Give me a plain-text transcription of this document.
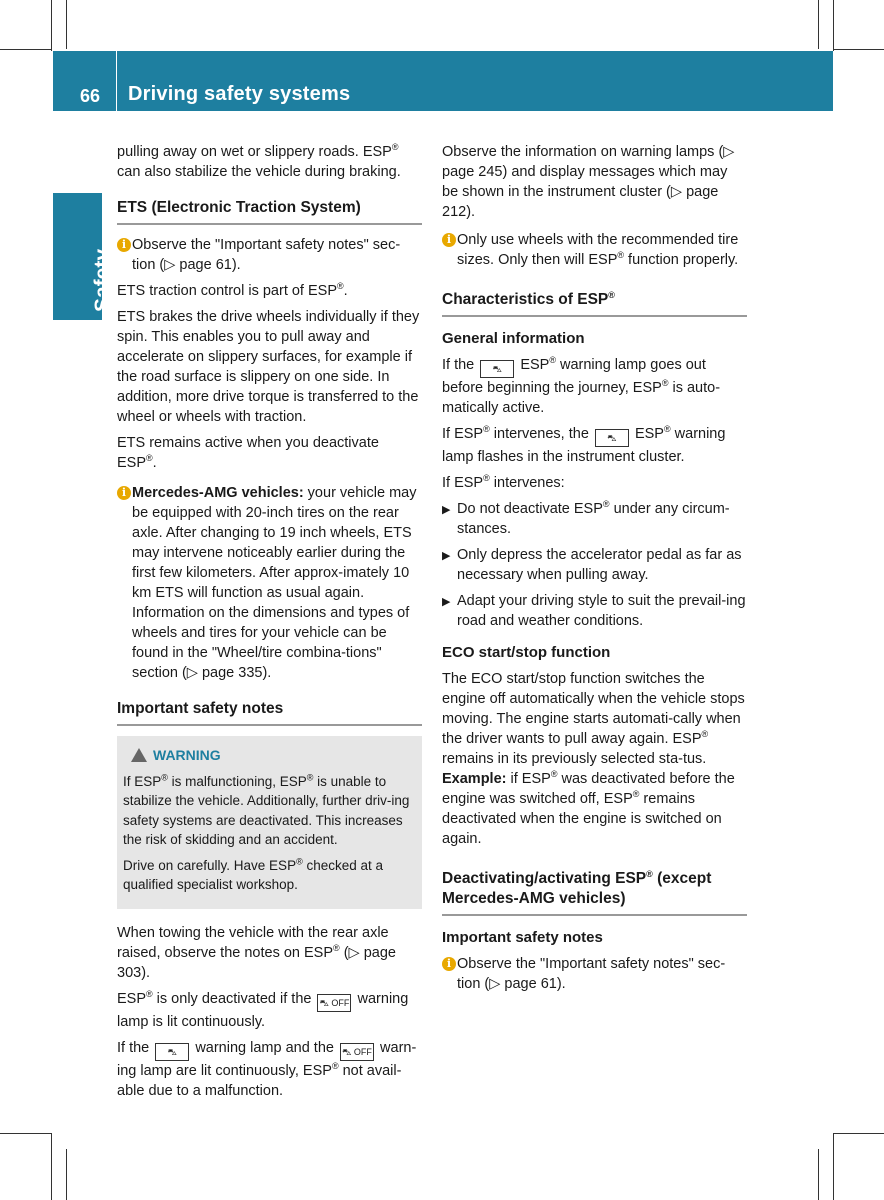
66 Driving safety systems
Safety

pulling away on wet or slippery roads. ESP® can also stabilize the vehicle during braking.

ETS (Electronic Traction System)
i Observe the "Important safety notes" sec-tion (▷ page 61).

ETS traction control is part of ESP®.

ETS brakes the drive wheels individually if they spin. This enables you to pull away and accelerate on slippery surfaces, for example if the road surface is slippery on one side. In addition, more drive torque is transferred to the wheel or wheels with traction.

ETS remains active when you deactivate ESP®.

i Mercedes-AMG vehicles: your vehicle may be equipped with 20-inch tires on the rear axle. After changing to 19 inch wheels, ETS may intervene noticeably earlier during the first few kilometers. After approx-imately 10 km ETS will function as usual again. Information on the dimensions and types of wheels and tires for your vehicle can be found in the "Wheel/tire combina-tions" section (▷ page 335).
Important safety notes
WARNING

If ESP® is malfunctioning, ESP® is unable to stabilize the vehicle. Additionally, further driv-ing safety systems are deactivated. This increases the risk of skidding and an accident.

Drive on carefully. Have ESP® checked at a qualified specialist workshop.

When towing the vehicle with the rear axle raised, observe the notes on ESP® (▷ page 303).

ESP® is only deactivated if the ⛍ OFF warning lamp is lit continuously.

If the ⛍ warning lamp and the ⛍ OFF warn-ing lamp are lit continuously, ESP® not avail-able due to a malfunction.

Observe the information on warning lamps (▷ page 245) and display messages which may be shown in the instrument cluster (▷ page 212).

i Only use wheels with the recommended tire sizes. Only then will ESP® function properly.
Characteristics of ESP®
General information

If the ⛍ ESP® warning lamp goes out before beginning the journey, ESP® is auto-matically active.

If ESP® intervenes, the ⛍ ESP® warning lamp flashes in the instrument cluster.

If ESP® intervenes:

▶ Do not deactivate ESP® under any circum-stances.
▶ Only depress the accelerator pedal as far as necessary when pulling away.
▶ Adapt your driving style to suit the prevail-ing road and weather conditions.
ECO start/stop function

The ECO start/stop function switches the engine off automatically when the vehicle stops moving. The engine starts automati-cally when the driver wants to pull away again. ESP® remains in its previously selected sta-tus. Example: if ESP® was deactivated before the engine was switched off, ESP® remains deactivated when the engine is switched on again.

Deactivating/activating ESP® (except Mercedes-AMG vehicles)
Important safety notes
i Observe the "Important safety notes" sec-tion (▷ page 61).
